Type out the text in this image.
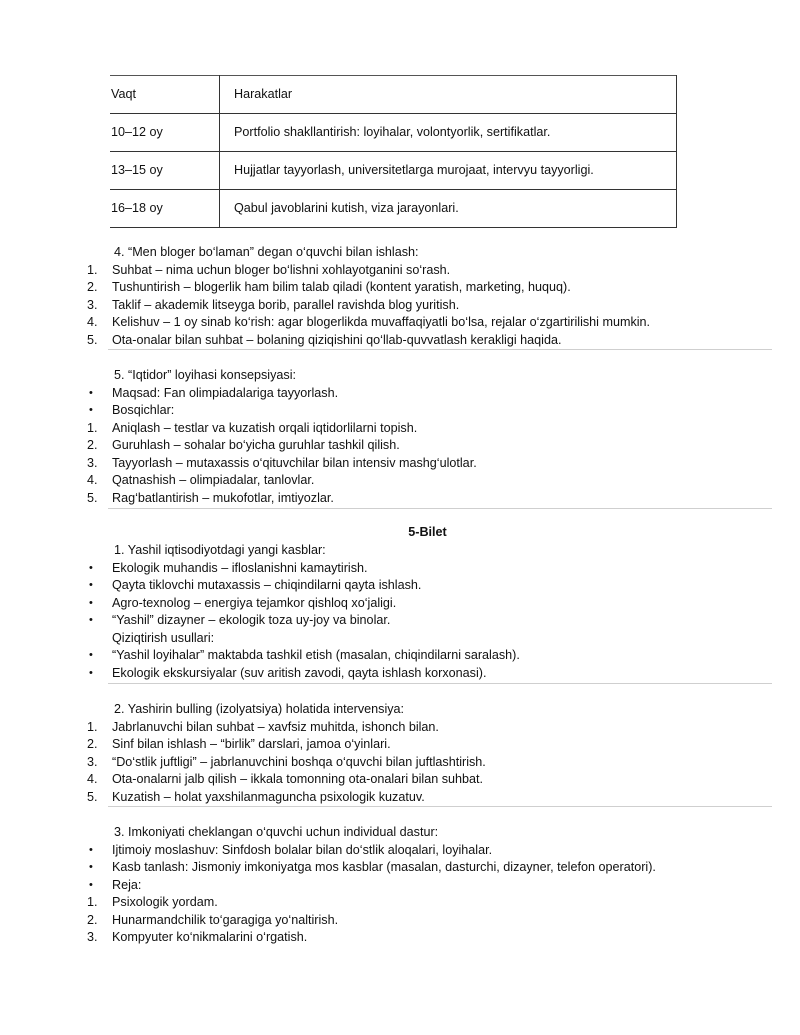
Vaqt	Harakatlar
10–12 oy	Portfolio shakllantirish: loyihalar, volontyorlik, sertifikatlar.
13–15 oy	Hujjatlar tayyorlash, universitetlarga murojaat, intervyu tayyorligi.
16–18 oy	Qabul javoblarini kutish, viza jarayonlari.
4. “Men bloger bo‘laman” degan o‘quvchi bilan ishlash:
1. Suhbat – nima uchun bloger bo‘lishni xohlayotganini so‘rash.
2. Tushuntirish – blogerlik ham bilim talab qiladi (kontent yaratish, marketing, huquq).
3. Taklif – akademik litseyga borib, parallel ravishda blog yuritish.
4. Kelishuv – 1 oy sinab ko‘rish: agar blogerlikda muvaffaqiyatli bo‘lsa, rejalar o‘zgartirilishi mumkin.
5. Ota-onalar bilan suhbat – bolaning qiziqishini qo‘llab-quvvatlash kerakligi haqida.
5. “Iqtidor” loyihasi konsepsiyasi:
• Maqsad: Fan olimpiadalariga tayyorlash.
• Bosqichlar:
1. Aniqlash – testlar va kuzatish orqali iqtidorlilarni topish.
2. Guruhlash – sohalar bo‘yicha guruhlar tashkil qilish.
3. Tayyorlash – mutaxassis o‘qituvchilar bilan intensiv mashg‘ulotlar.
4. Qatnashish – olimpiadalar, tanlovlar.
5. Rag‘batlantirish – mukofotlar, imtiyozlar.
5-Bilet
1. Yashil iqtisodiyotdagi yangi kasblar:
• Ekologik muhandis – ifloslanishni kamaytirish.
• Qayta tiklovchi mutaxassis – chiqindilarni qayta ishlash.
• Agro-texnolog – energiya tejamkor qishloq xo‘jaligi.
• “Yashil” dizayner – ekologik toza uy-joy va binolar.
Qiziqtirish usullari:
• “Yashil loyihalar” maktabda tashkil etish (masalan, chiqindilarni saralash).
• Ekologik ekskursiyalar (suv aritish zavodi, qayta ishlash korxonasi).
2. Yashirin bulling (izolyatsiya) holatida intervensiya:
1. Jabrlanuvchi bilan suhbat – xavfsiz muhitda, ishonch bilan.
2. Sinf bilan ishlash – “birlik” darslari, jamoa o‘yinlari.
3. “Do‘stlik juftligi” – jabrlanuvchini boshqa o‘quvchi bilan juftlashtirish.
4. Ota-onalarni jalb qilish – ikkala tomonning ota-onalari bilan suhbat.
5. Kuzatish – holat yaxshilanmaguncha psixologik kuzatuv.
3. Imkoniyati cheklangan o‘quvchi uchun individual dastur:
• Ijtimoiy moslashuv: Sinfdosh bolalar bilan do‘stlik aloqalari, loyihalar.
• Kasb tanlash: Jismoniy imkoniyatga mos kasblar (masalan, dasturchi, dizayner, telefon operatori).
• Reja:
1. Psixologik yordam.
2. Hunarmandchilik to‘garagiga yo‘naltirish.
3. Kompyuter ko‘nikmalarini o‘rgatish.
